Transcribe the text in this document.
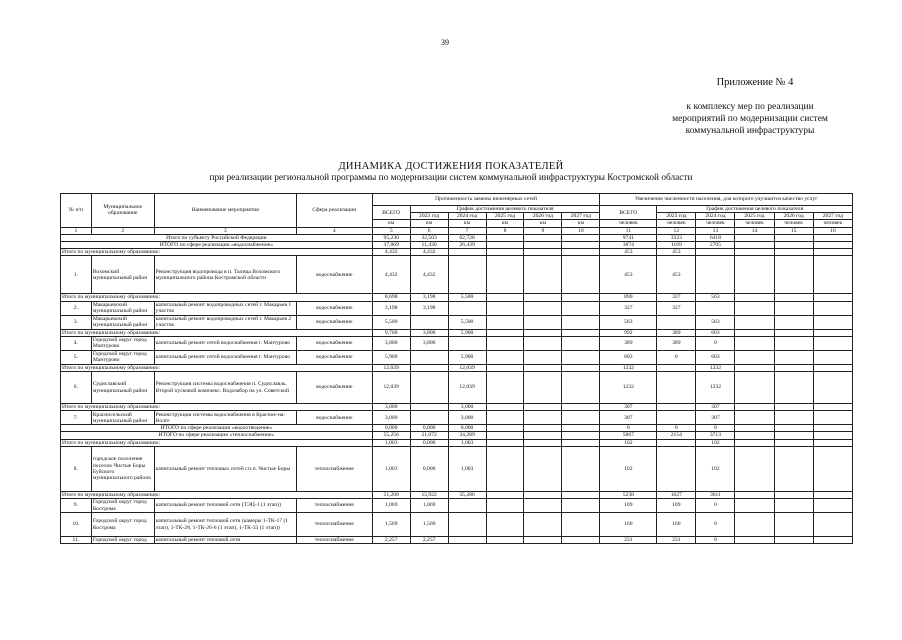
39
Приложение № 4
к комплексу мер по реализации
мероприятий по модернизации систем
коммунальной инфраструктуры
ДИНАМИКА ДОСТИЖЕНИЯ ПОКАЗАТЕЛЕЙ
при реализации региональной программы по модернизации систем коммунальной инфраструктуры Костромской области
№ п/п	Муниципальное образование	Наименование мероприятия	Сфера реализации	Протяженность замены инженерных сетей						Увеличение численности населения, для которого улучшится качество услуг					
				ВСЕГО	График достижения целевого показателя					ВСЕГО	График достижения целевого показателя				
					2023 год	2024 год	2025 год	2026 год	2027 год		2023 год	2024 год	2025 год	2026 год	2027 год
				км	км	км	км	км	км	человек	человек	человек	человек	человек	человек
1	2	3	4	5	6	7	8	9	10	11	12	13	14	15	16
Итого по субъекту Российской Федерации				95,230	32,503	62,728				9741	3323	6418			
ИТОГО по сфере реализации «водоснабжение»				37,869	11,430	26,439				3874	1169	2705			
Итого по муниципальному образованию:				4,432	4,432					453	453				
1.	Вохомский муниципальный район	Реконструкция водопровода в п. Талица Вохомского муниципального района Костромской области	водоснабжение	4,432	4,432					453	453				
Итого по муниципальному образованию:				8,698	3,198	5,500				890	327	563			
2.	Макарьевский муниципальный район	капитальный ремонт водопроводных сетей г. Макарьев 1 участок	водоснабжение	3,198	3,198					327	327				
3.	Макарьевский муниципальный район	капитальный ремонт водопроводных сетей г. Макарьев 2 участок	водоснабжение	5,500		5,500				563		563			
Итого по муниципальному образованию:				9,700	3,800	5,900				992	389	603			
4.	Городской округ город Мантурово	капитальный ремонт сетей водоснабжения г. Мантурово	водоснабжение	3,800	3,800					389	389	0			
5.	Городской округ город Мантурово	капитальный ремонт сетей водоснабжения г. Мантурово	водоснабжение	5,900		5,900				603	0	603			
Итого по муниципальному образованию:				12,039		12,039				1232		1232			
6.	Судиславский муниципальный район	Реконструкция системы водоснабжения п. Судиславль. Второй пусковой комплекс. Водозабор на ул. Советской	водоснабжение	12,039		12,039				1232		1232			
Итого по муниципальному образованию:				3,000		3,000				307		307			
7.	Красносельский муниципальный район	Реконструкция системы водоснабжения в Красное-на-Волге	водоснабжение	3,000		3,000				307		307			
ИТОГО по сфере реализации «водоотведение»				0,000	0,000	0,000				0	0	0			
ИТОГО по сфере реализации «теплоснабжение»				55,256	21,072	34,289				5867	2154	3713			
Итого по муниципальному образованию:				1,003	0,000	1,003				102		102			
8.	городское поселение поселок Чистые Боры Буйского муниципального района	капитальный ремонт тепловых сетей г.п.п. Чистые Боры	теплоснабжение	1,003	0,000	1,003				102		102			
Итого по муниципальному образованию:				51,208	15,922	35,286				5238	1627	3611			
9.	Городской округ город Кострома	капитальный ремонт тепловой сети (ТЭЦ-1 (1 этап))	теплоснабжение	1,069	1,069					109	109	0			
10.	Городской округ город Кострома	капитальный ремонт тепловой сети (камеры 1-ТК-17 (1 этап), 1-ТК-28, 1-ТК-26-6 (1 этап), 1-ТК-33 (1 этап))	теплоснабжение	1,569	1,569					160	160	0			
11.	Городской округ город	капитальный ремонт тепловой сети	теплоснабжение	2,257	2,257					231	231	0			
